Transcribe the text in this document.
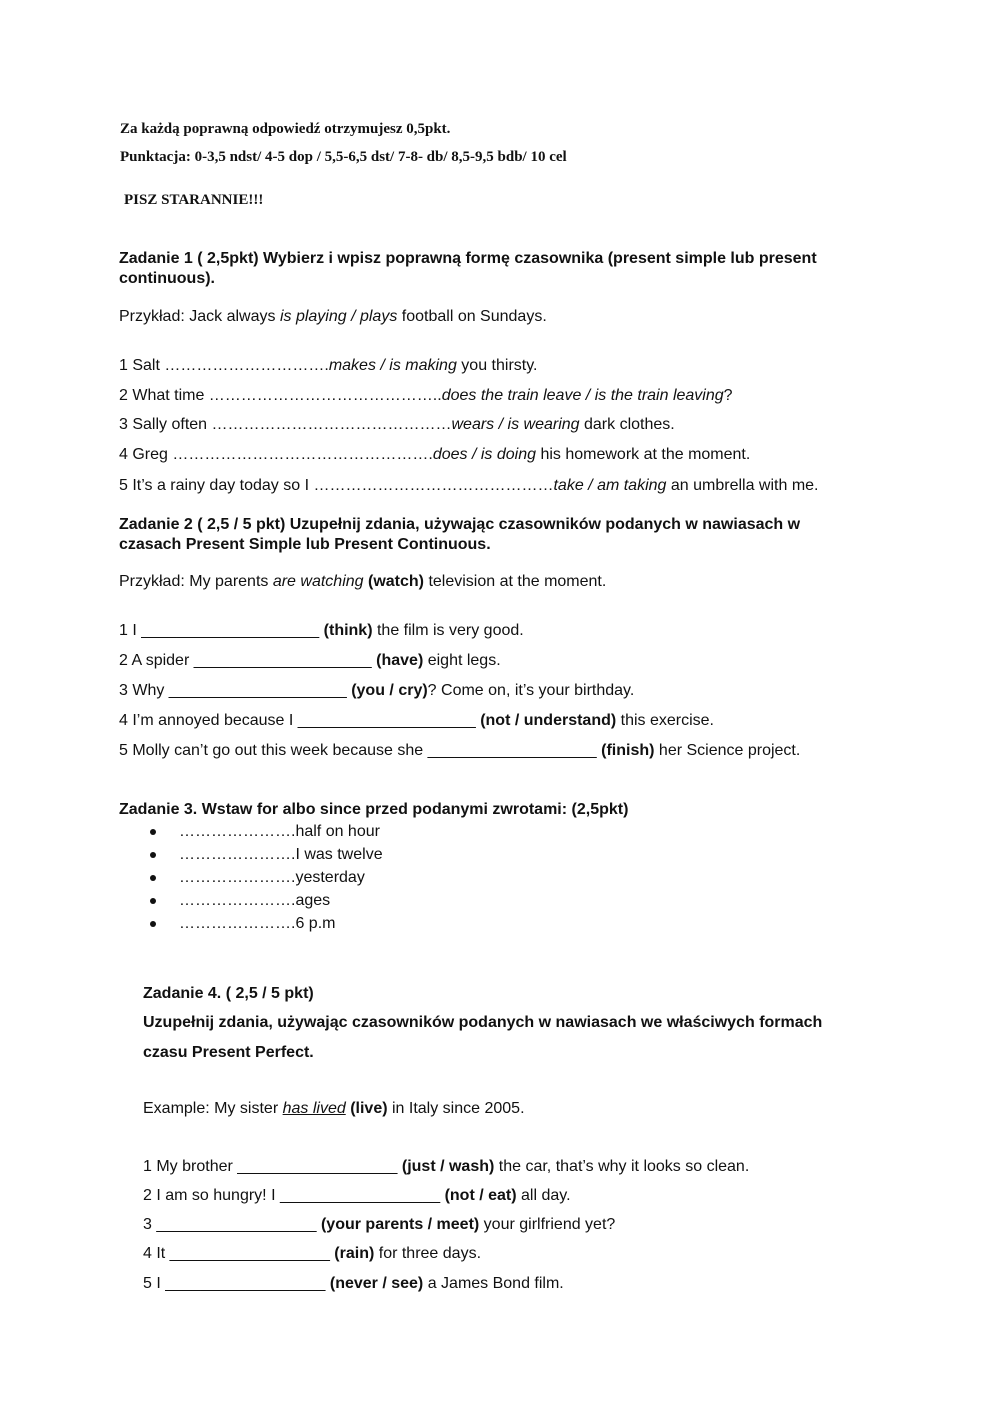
Za każdą poprawną odpowiedź otrzymujesz 0,5pkt.
Punktacja: 0-3,5 ndst/ 4-5 dop / 5,5-6,5 dst/ 7-8- db/ 8,5-9,5 bdb/ 10 cel
PISZ STARANNIE!!!
Zadanie 1 ( 2,5pkt) Wybierz i wpisz poprawną formę czasownika (present simple lub present
continuous).
Przykład: Jack always is playing / plays football on Sundays.
1 Salt ………………………….makes / is making you thirsty.
2 What time ……………………………………..does the train leave / is the train leaving?
3 Sally often ………………………………………wears / is wearing dark clothes.
4 Greg ………………………………………….does / is doing his homework at the moment.
5 It’s a rainy day today so I ………………………………………take / am taking an umbrella with me.
Zadanie 2 ( 2,5 / 5 pkt) Uzupełnij zdania, używając czasowników podanych w nawiasach w
czasach Present Simple lub Present Continuous.
Przykład: My parents are watching (watch) television at the moment.
1 I ____________________ (think) the film is very good.
2 A spider ____________________ (have) eight legs.
3 Why ____________________ (you / cry)? Come on, it’s your birthday.
4 I’m annoyed because I ____________________ (not / understand) this exercise.
5 Molly can’t go out this week because she ___________________ (finish) her Science project.
Zadanie 3. Wstaw for albo since przed podanymi zwrotami: (2,5pkt)
………………….half on hour
………………….I was twelve
………………….yesterday
………………….ages
………………….6 p.m
Zadanie 4. ( 2,5 / 5 pkt)
Uzupełnij zdania, używając czasowników podanych w nawiasach we właściwych formach
czasu Present Perfect.
Example: My sister has lived (live) in Italy since 2005.
1 My brother __________________ (just / wash) the car, that’s why it looks so clean.
2 I am so hungry! I __________________ (not / eat) all day.
3 __________________ (your parents / meet) your girlfriend yet?
4 It __________________ (rain) for three days.
5 I __________________ (never / see) a James Bond film.
